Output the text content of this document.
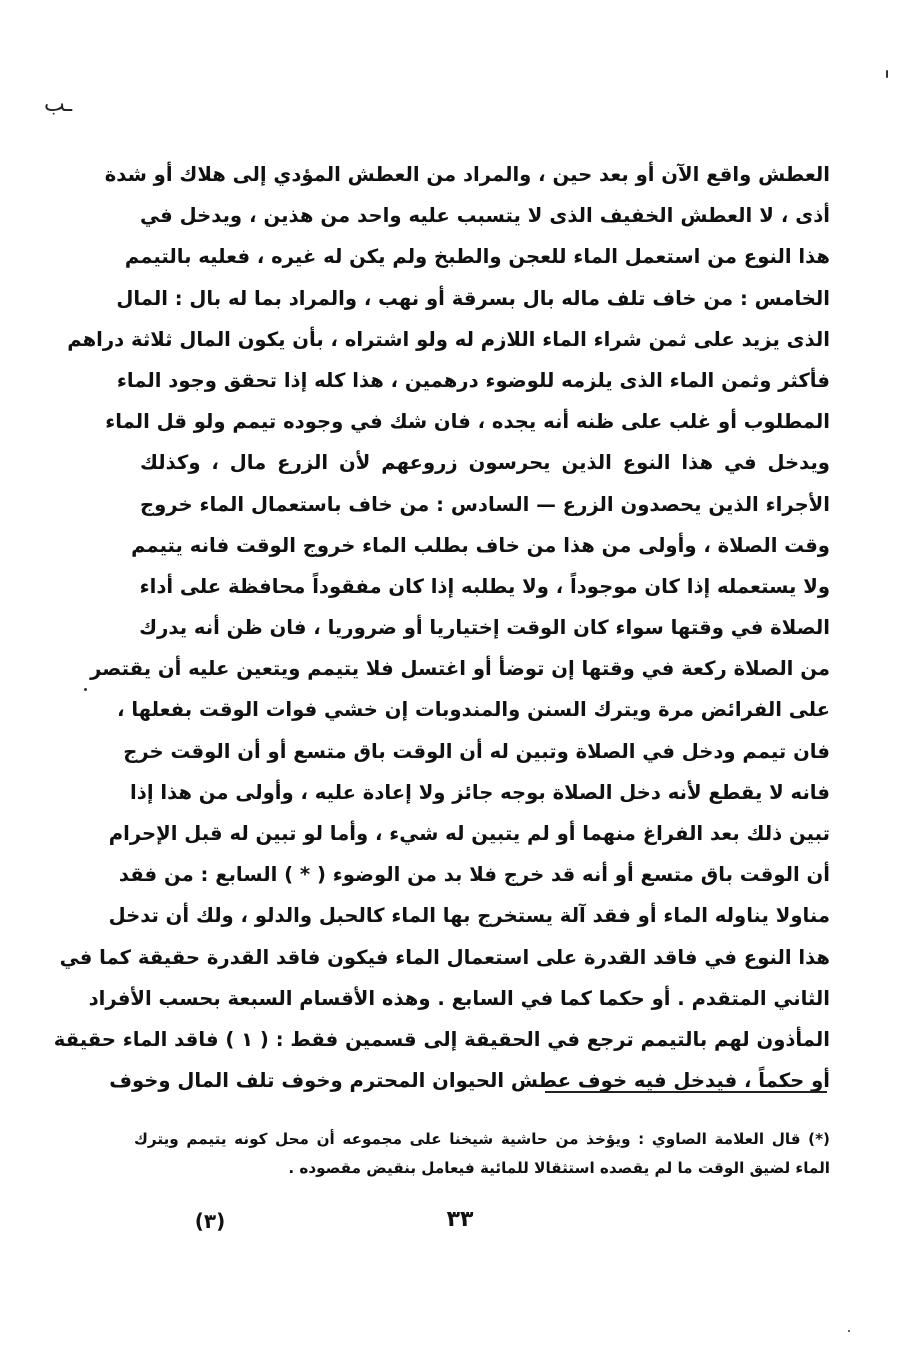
ـب
العطش واقع الآن أو بعد حين ، والمراد من العطش المؤدي إلى هلاك أو شدة
أذى ، لا العطش الخفيف الذى لا يتسبب عليه واحد من هذين ، ويدخل في
هذا النوع من استعمل الماء للعجن والطبخ ولم يكن له غيره ، فعليه بالتيمم
الخامس : من خاف تلف ماله بال بسرقة أو نهب ، والمراد بما له بال : المال
الذى يزيد على ثمن شراء الماء اللازم له ولو اشتراه ، بأن يكون المال ثلاثة دراهم
فأكثر وثمن الماء الذى يلزمه للوضوء درهمين ، هذا كله إذا تحقق وجود الماء
المطلوب أو غلب على ظنه أنه يجده ، فان شك في وجوده تيمم ولو قل الماء
ويدخل في هذا النوع الذين يحرسون زروعهم لأن الزرع مال ، وكذلك
الأجراء الذين يحصدون الزرع — السادس : من خاف باستعمال الماء خروج
وقت الصلاة ، وأولى من هذا من خاف بطلب الماء خروج الوقت فانه يتيمم
ولا يستعمله إذا كان موجوداً ، ولا يطلبه إذا كان مفقوداً محافظة على أداء
الصلاة في وقتها سواء كان الوقت إختياريا أو ضروريا ، فان ظن أنه يدرك
من الصلاة ركعة في وقتها إن توضأ أو اغتسل فلا يتيمم ويتعين عليه أن يقتصر
على الفرائض مرة ويترك السنن والمندوبات إن خشي فوات الوقت بفعلها ،
فان تيمم ودخل في الصلاة وتبين له أن الوقت باق متسع أو أن الوقت خرج
فانه لا يقطع لأنه دخل الصلاة بوجه جائز ولا إعادة عليه ، وأولى من هذا إذا
تبين ذلك بعد الفراغ منهما أو لم يتبين له شيء ، وأما لو تبين له قبل الإحرام
أن الوقت باق متسع أو أنه قد خرج فلا بد من الوضوء ( * ) السابع : من فقد
مناولا يناوله الماء أو فقد آلة يستخرج بها الماء كالحبل والدلو ، ولك أن تدخل
هذا النوع في فاقد القدرة على استعمال الماء فيكون فاقد القدرة حقيقة كما في
الثاني المتقدم . أو حكما كما في السابع . وهذه الأقسام السبعة بحسب الأفراد
المأذون لهم بالتيمم ترجع في الحقيقة إلى قسمين فقط : ( ١ ) فاقد الماء حقيقة
أو حكماً ، فيدخل فيه خوف عطش الحيوان المحترم وخوف تلف المال وخوف
(*) قال العلامة الصاوي : ويؤخذ من حاشية شيخنا على مجموعه أن محل كونه يتيمم ويترك
الماء لضيق الوقت ما لم يقصده استثقالا للمائية فيعامل بنقيض مقصوده .
(٣)	٣٣
